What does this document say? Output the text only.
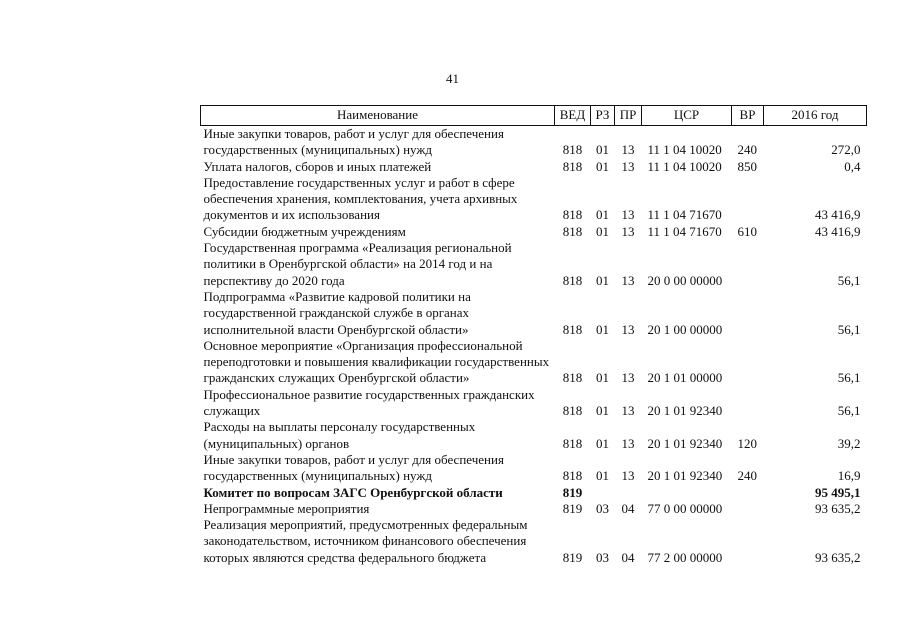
41
Наименование	ВЕД	РЗ	ПР	ЦСР	ВР	2016 год

Иные закупки товаров, работ и услуг для обеспечения
государственных (муниципальных) нужд	818	01	13	11 1 04 10020	240	272,0

Уплата налогов, сборов и иных платежей	818	01	13	11 1 04 10020	850	0,4

Предоставление государственных услуг и работ в сфере
обеспечения хранения, комплектования, учета архивных
документов и их использования	818	01	13	11 1 04 71670		43 416,9

Субсидии бюджетным учреждениям	818	01	13	11 1 04 71670	610	43 416,9

Государственная программа «Реализация региональной
политики в Оренбургской области» на 2014 год и на
перспективу до 2020 года	818	01	13	20 0 00 00000		56,1

Подпрограмма «Развитие кадровой политики на
государственной гражданской службе в органах
исполнительной власти Оренбургской области»	818	01	13	20 1 00 00000		56,1

Основное мероприятие «Организация профессиональной
переподготовки и повышения квалификации государственных
гражданских служащих Оренбургской области»	818	01	13	20 1 01 00000		56,1

Профессиональное развитие государственных гражданских
служащих	818	01	13	20 1 01 92340		56,1

Расходы на выплаты персоналу государственных
(муниципальных) органов	818	01	13	20 1 01 92340	120	39,2

Иные закупки товаров, работ и услуг для обеспечения
государственных (муниципальных) нужд	818	01	13	20 1 01 92340	240	16,9

Комитет по вопросам ЗАГС Оренбургской области	819					95 495,1

Непрограммные мероприятия	819	03	04	77 0 00 00000		93 635,2

Реализация мероприятий, предусмотренных федеральным
законодательством, источником финансового обеспечения
которых являются средства федерального бюджета	819	03	04	77 2 00 00000		93 635,2
